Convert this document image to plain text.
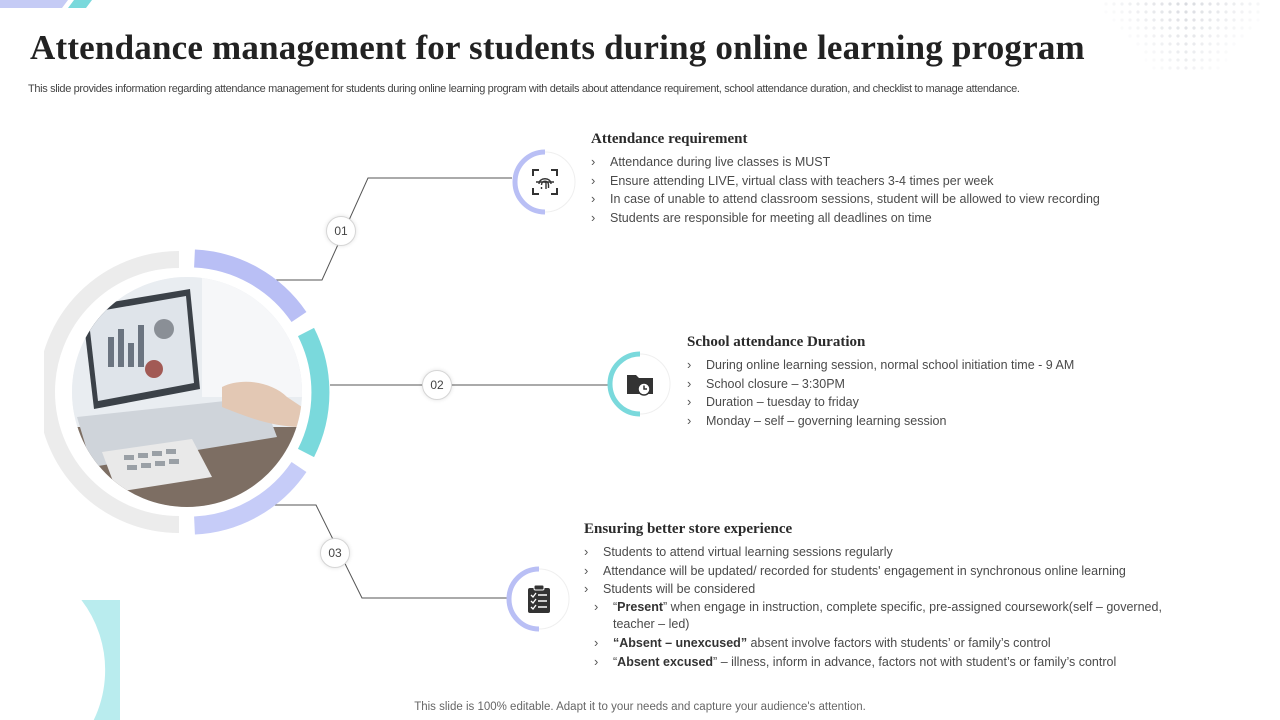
Attendance management for students during online learning program

This slide provides information regarding attendance management for students during online learning program with details about attendance requirement, school attendance duration, and checklist to manage attendance.

01
02
03
Attendance requirement
› Attendance during live classes is MUST
› Ensure attending LIVE, virtual class with teachers 3-4 times per week
› In case of unable to attend classroom sessions, student will be allowed to view recording
› Students are responsible for meeting all deadlines on time
School attendance Duration
› During online learning session, normal school initiation time - 9 AM
› School closure – 3:30PM
› Duration – tuesday to friday
› Monday – self – governing learning session
Ensuring better store experience
› Students to attend virtual learning sessions regularly
› Attendance will be updated/ recorded for students' engagement in synchronous online learning
› Students will be considered
› “Present” when engage in instruction, complete specific, pre-assigned coursework(self – governed, teacher – led)
› “Absent – unexcused” absent involve factors with students’ or family’s control
› “Absent excused” – illness, inform in advance, factors not with student’s or family’s control

This slide is 100% editable. Adapt it to your needs and capture your audience's attention.
